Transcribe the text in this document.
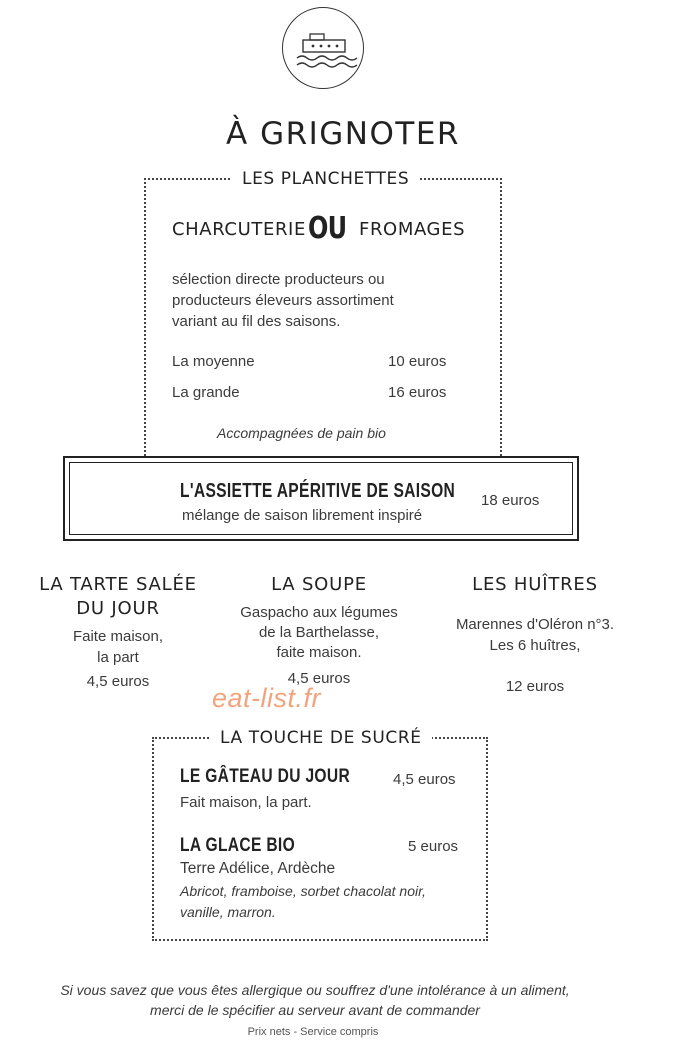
À GRIGNOTER
LES PLANCHETTES
CHARCUTERIE OU FROMAGES
sélection directe producteurs ou
producteurs éleveurs assortiment
variant au fil des saisons.
La moyenne	10 euros
La grande	16 euros
Accompagnées de pain bio
L'ASSIETTE APÉRITIVE DE SAISON
mélange de saison librement inspiré
18 euros
LA TARTE SALÉE
DU JOUR
Faite maison,
la part
4,5 euros
LA SOUPE
Gaspacho aux légumes
de la Barthelasse,
faite maison.
4,5 euros
LES HUÎTRES
Marennes d'Oléron n°3.
Les 6 huîtres,
12 euros
eat-list.fr
LA TOUCHE DE SUCRÉ
LE GÂTEAU DU JOUR	4,5 euros
Fait maison, la part.
LA GLACE BIO	5 euros
Terre Adélice, Ardèche
Abricot, framboise, sorbet chacolat noir,
vanille, marron.
Si vous savez que vous êtes allergique ou souffrez d'une intolérance à un aliment,
merci de le spécifier au serveur avant de commander
Prix nets - Service compris
